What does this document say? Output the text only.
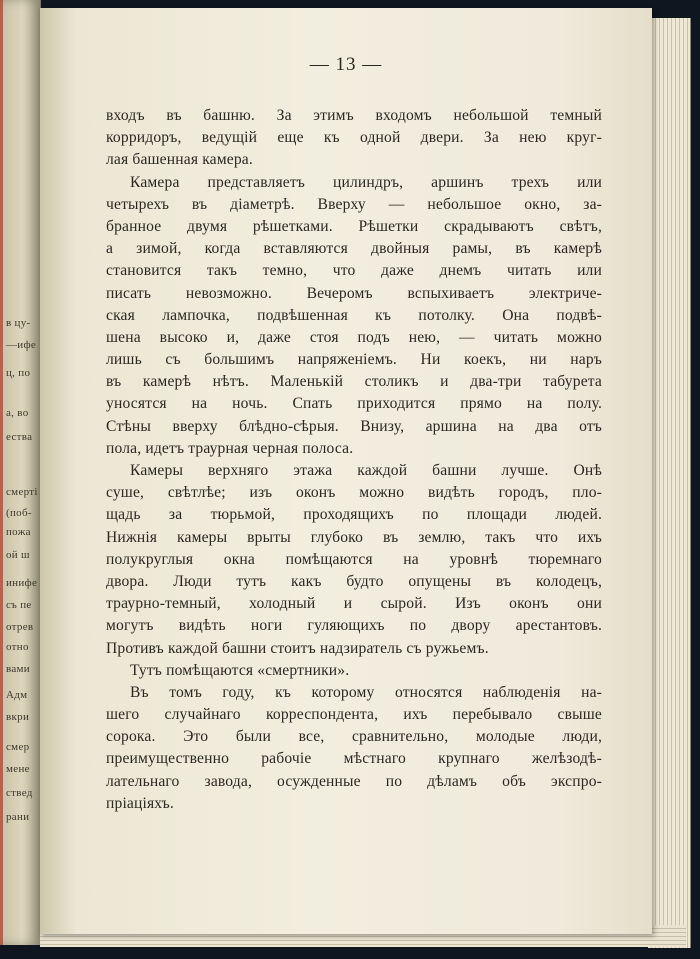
в цу-
—ифе
ц, по
а, во
ества
смерті
(поб-
пожа
ой ш
инифе
съ пе
отрев
отно
вами
Адм
вкри
смер
мене
ствед
рани
— 13 —
входъ въ башню. За этимъ входомъ небольшой темный
корридоръ, ведущій еще къ одной двери. За нею круг-
лая башенная камера.
Камера представляетъ цилиндръ, аршинъ трехъ или
четырехъ въ діаметрѣ. Вверху — небольшое окно, за-
бранное двумя рѣшетками. Рѣшетки скрадываютъ свѣтъ,
а зимой, когда вставляются двойныя рамы, въ камерѣ
становится такъ темно, что даже днемъ читать или
писать невозможно. Вечеромъ вспыхиваетъ электриче-
ская лампочка, подвѣшенная къ потолку. Она подвѣ-
шена высоко и, даже стоя подъ нею, — читать можно
лишь съ большимъ напряженіемъ. Ни коекъ, ни наръ
въ камерѣ нѣтъ. Маленькій столикъ и два-три табурета
уносятся на ночь. Спать приходится прямо на полу.
Стѣны вверху блѣдно-сѣрыя. Внизу, аршина на два отъ
пола, идетъ траурная черная полоса.
Камеры верхняго этажа каждой башни лучше. Онѣ
суше, свѣтлѣе; изъ оконъ можно видѣть городъ, пло-
щадь за тюрьмой, проходящихъ по площади людей.
Нижнія камеры врыты глубоко въ землю, такъ что ихъ
полукруглыя окна помѣщаются на уровнѣ тюремнаго
двора. Люди тутъ какъ будто опущены въ колодецъ,
траурно-темный, холодный и сырой. Изъ оконъ они
могутъ видѣть ноги гуляющихъ по двору арестантовъ.
Противъ каждой башни стоитъ надзиратель съ ружьемъ.
Тутъ помѣщаются «смертники».
Въ томъ году, къ которому относятся наблюденія на-
шего случайнаго корреспондента, ихъ перебывало свыше
сорока. Это были все, сравнительно, молодые люди,
преимущественно рабочіе мѣстнаго крупнаго желѣзодѣ-
лательнаго завода, осужденные по дѣламъ объ экспро-
пріацiяхъ.
